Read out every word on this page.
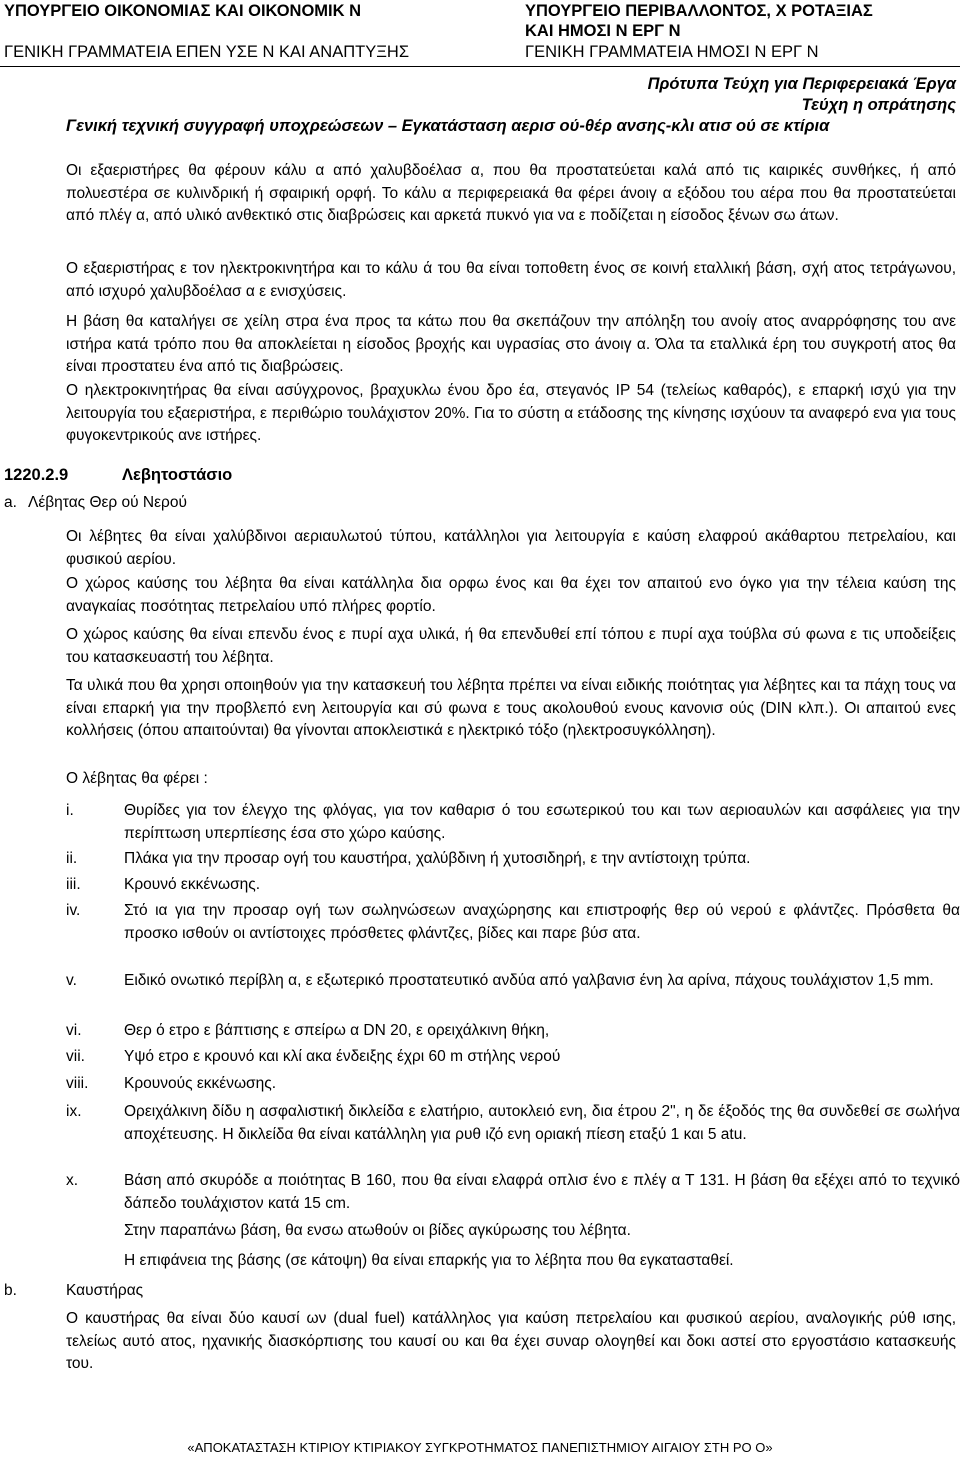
ΥΠΟΥΡΓΕΙΟ ΟΙΚΟΝΟΜΙΑΣ ΚΑΙ ΟΙΚΟΝΟΜΙΚ Ν	ΥΠΟΥΡΓΕΙΟ ΠΕΡΙΒΑΛΛΟΝΤΟΣ, Χ ΡΟΤΑΞΙΑΣ
ΚΑΙ ΗΜΟΣΙ Ν ΕΡΓ Ν
ΓΕΝΙΚΗ ΓΡΑΜΜΑΤΕΙΑ ΕΠΕΝ ΥΣΕ Ν ΚΑΙ ΑΝΑΠΤΥΞΗΣ	ΓΕΝΙΚΗ ΓΡΑΜΜΑΤΕΙΑ ΗΜΟΣΙ Ν ΕΡΓ Ν
Πρότυπα Τεύχη για Περιφερειακά Έργα
Τεύχη η οπράτησης
Γενική τεχνική συγγραφή υποχρεώσεων – Εγκατάσταση αερισ ού-θέρ ανσης-κλι ατισ ού σε κτίρια
Οι εξαεριστήρες θα φέρουν κάλυ α από χαλυβδοέλασ α, που θα προστατεύεται καλά από τις καιρικές συνθήκες, ή από πολυεστέρα σε κυλινδρική ή σφαιρική ορφή. Το κάλυ α περιφερειακά θα φέρει άνοιγ α εξόδου του αέρα που θα προστατεύεται από πλέγ α, από υλικό ανθεκτικό στις διαβρώσεις και αρκετά πυκνό για να ε ποδίζεται η είσοδος ξένων σω άτων.
Ο εξαεριστήρας ε τον ηλεκτροκινητήρα και το κάλυ ά του θα είναι τοποθετη ένος σε κοινή εταλλική βάση, σχή ατος τετράγωνου, από ισχυρό χαλυβδοέλασ α ε ενισχύσεις.
Η βάση θα καταλήγει σε χείλη στρα ένα προς τα κάτω που θα σκεπάζουν την απόληξη του ανοίγ ατος αναρρόφησης του ανε ιστήρα κατά τρόπο που θα αποκλείεται η είσοδος βροχής και υγρασίας στο άνοιγ α. Όλα τα εταλλικά έρη του συγκροτή ατος θα είναι προστατευ ένα από τις διαβρώσεις.
Ο ηλεκτροκινητήρας θα είναι ασύγχρονος, βραχυκλω ένου δρο έα, στεγανός IP 54 (τελείως καθαρός), ε επαρκή ισχύ για την λειτουργία του εξαεριστήρα, ε περιθώριο τουλάχιστον 20%. Για το σύστη α ετάδοσης της κίνησης ισχύουν τα αναφερό ενα για τους φυγοκεντρικούς ανε ιστήρες.
1220.2.9	Λεβητοστάσιο
a. Λέβητας Θερ ού Νερού
Οι λέβητες θα είναι χαλύβδινοι αεριαυλωτού τύπου, κατάλληλοι για λειτουργία ε καύση ελαφρού ακάθαρτου πετρελαίου, και φυσικού αερίου.
Ο χώρος καύσης του λέβητα θα είναι κατάλληλα δια ορφω ένος και θα έχει τον απαιτού ενο όγκο για την τέλεια καύση της αναγκαίας ποσότητας πετρελαίου υπό πλήρες φορτίο.
Ο χώρος καύσης θα είναι επενδυ ένος ε πυρί αχα υλικά, ή θα επενδυθεί επί τόπου ε πυρί αχα τούβλα σύ φωνα ε τις υποδείξεις του κατασκευαστή του λέβητα.
Τα υλικά που θα χρησι οποιηθούν για την κατασκευή του λέβητα πρέπει να είναι ειδικής ποιότητας για λέβητες και τα πάχη τους να είναι επαρκή για την προβλεπό ενη λειτουργία και σύ φωνα ε τους ακολουθού ενους κανονισ ούς (DIN κλπ.). Οι απαιτού ενες κολλήσεις (όπου απαιτούνται) θα γίνονται αποκλειστικά ε ηλεκτρικό τόξο (ηλεκτροσυγκόλληση).
Ο λέβητας θα φέρει :
i.	Θυρίδες για τον έλεγχο της φλόγας, για τον καθαρισ ό του εσωτερικού του και των αεριοαυλών και ασφάλειες για την περίπτωση υπερπίεσης έσα στο χώρο καύσης.
ii.	Πλάκα για την προσαρ ογή του καυστήρα, χαλύβδινη ή χυτοσιδηρή, ε την αντίστοιχη τρύπα.
iii.	Κρουνό εκκένωσης.
iv.	Στό ια για την προσαρ ογή των σωληνώσεων αναχώρησης και επιστροφής θερ ού νερού ε φλάντζες. Πρόσθετα θα προσκο ισθούν οι αντίστοιχες πρόσθετες φλάντζες, βίδες και παρε βύσ ατα.
v.	Ειδικό ονωτικό περίβλη α, ε εξωτερικό προστατευτικό ανδύα από γαλβανισ ένη λα αρίνα, πάχους τουλάχιστον 1,5 mm.
vi.	Θερ ό ετρο ε βάπτισης ε σπείρω α DN 20, ε ορειχάλκινη θήκη,
vii.	Υψό ετρο ε κρουνό και κλί ακα ένδειξης έχρι 60 m στήλης νερού
viii. Κρουνούς εκκένωσης.
ix.	Ορειχάλκινη δίδυ η ασφαλιστική δικλείδα ε ελατήριο, αυτοκλειό ενη, δια έτρου 2", η δε έξοδός της θα συνδεθεί σε σωλήνα αποχέτευσης. Η δικλείδα θα είναι κατάλληλη για ρυθ ιζό ενη οριακή πίεση εταξύ 1 και 5 atu.
x.	Βάση από σκυρόδε α ποιότητας Β 160, που θα είναι ελαφρά οπλισ ένο ε πλέγ α Τ 131. Η βάση θα εξέχει από το τεχνικό δάπεδο τουλάχιστον κατά 15 cm.
Στην παραπάνω βάση, θα ενσω ατωθούν οι βίδες αγκύρωσης του λέβητα.
Η επιφάνεια της βάσης (σε κάτοψη) θα είναι επαρκής για το λέβητα που θα εγκατασταθεί.
b.	Καυστήρας
Ο καυστήρας θα είναι δύο καυσί ων (dual fuel) κατάλληλος για καύση πετρελαίου και φυσικού αερίου, αναλογικής ρύθ ισης, τελείως αυτό ατος, ηχανικής διασκόρπισης του καυσί ου και θα έχει συναρ ολογηθεί και δοκι αστεί στο εργοστάσιο κατασκευής του.
«ΑΠΟΚΑΤΑΣΤΑΣΗ ΚΤΙΡΙΟΥ ΚΤΙΡΙΑΚΟΥ ΣΥΓΚΡΟΤΗΜΑΤΟΣ ΠΑΝΕΠΙΣΤΗΜΙΟΥ ΑΙΓΑΙΟΥ ΣΤΗ ΡΟ Ο»
